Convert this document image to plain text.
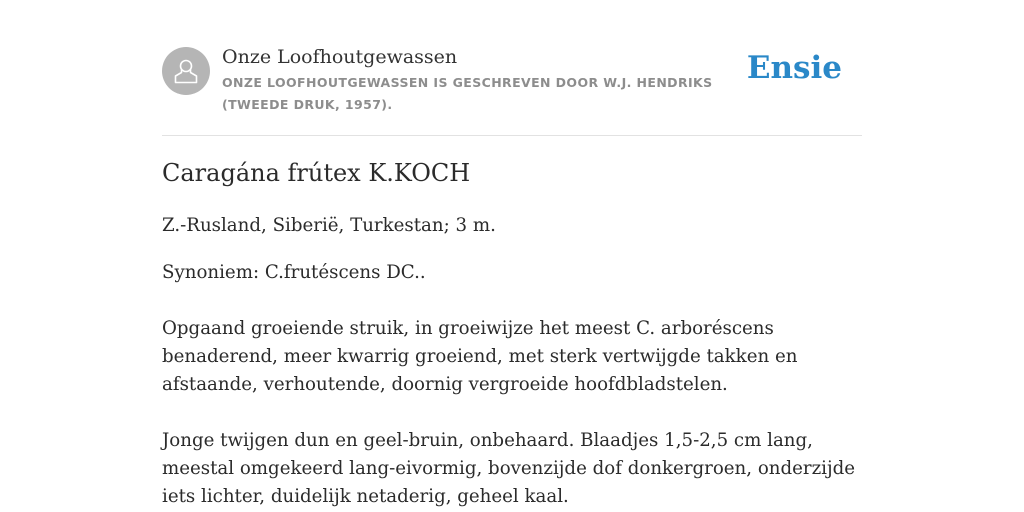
Onze Loofhoutgewassen

ONZE LOOFHOUTGEWASSEN IS GESCHREVEN DOOR W.J. HENDRIKS (TWEEDE DRUK, 1957).

Ensie

Caragána frútex K.KOCH

Z.-Rusland, Siberië, Turkestan; 3 m.

Synoniem: C.frutéscens DC..

Opgaand groeiende struik, in groeiwijze het meest C. arboréscens benaderend, meer kwarrig groeiend, met sterk vertwijgde takken en afstaande, verhoutende, doornig vergroeide hoofdbladstelen.

Jonge twijgen dun en geel-bruin, onbehaard. Blaadjes 1,5-2,5 cm lang, meestal omgekeerd lang-eivormig, bovenzijde dof donkergroen, onderzijde iets lichter, duidelijk netaderig, geheel kaal.
